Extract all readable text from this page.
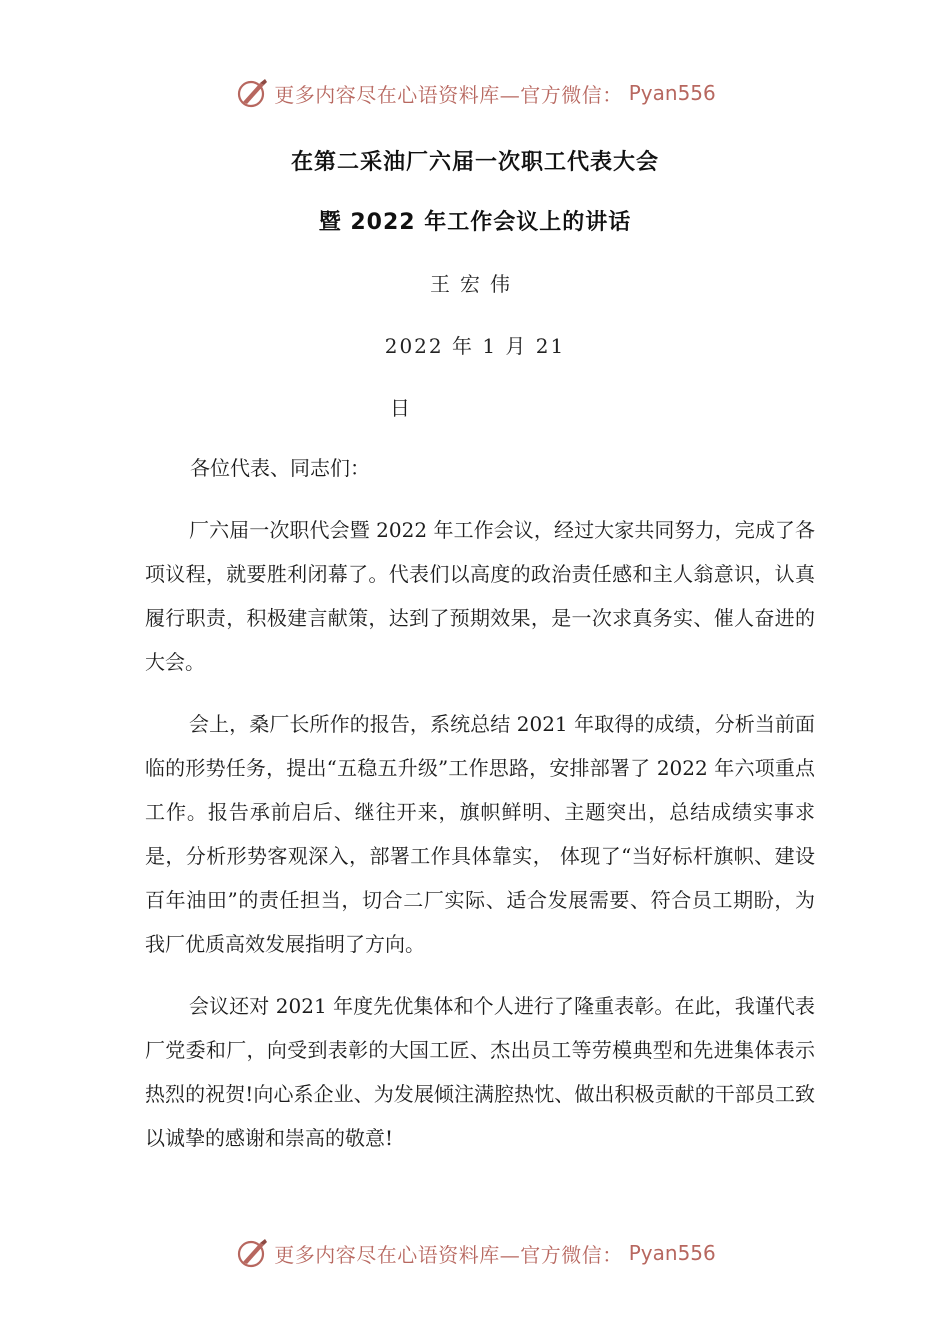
更多内容尽在心语资料库—官方微信： Pyan556
在第二采油厂六届一次职工代表大会
暨 2022 年工作会议上的讲话
王宏伟
2022 年 1 月 21
日
各位代表、同志们：
厂六届一次职代会暨 2022 年工作会议，经过大家共同努力，完成了各项议程，就要胜利闭幕了。代表们以高度的政治责任感和主人翁意识，认真履行职责，积极建言献策，达到了预期效果，是一次求真务实、催人奋进的大会。
会上，桑厂长所作的报告，系统总结 2021 年取得的成绩，分析当前面临的形势任务，提出“五稳五升级”工作思路，安排部署了 2022 年六项重点工作。报告承前启后、继往开来，旗帜鲜明、主题突出，总结成绩实事求是，分析形势客观深入，部署工作具体靠实， 体现了“当好标杆旗帜、建设百年油田”的责任担当，切合二厂实际、适合发展需要、符合员工期盼，为我厂优质高效发展指明了方向。
会议还对 2021 年度先优集体和个人进行了隆重表彰。在此，我谨代表厂党委和厂，向受到表彰的大国工匠、杰出员工等劳模典型和先进集体表示热烈的祝贺!向心系企业、为发展倾注满腔热忱、做出积极贡献的干部员工致以诚挚的感谢和崇高的敬意!
更多内容尽在心语资料库—官方微信： Pyan556
